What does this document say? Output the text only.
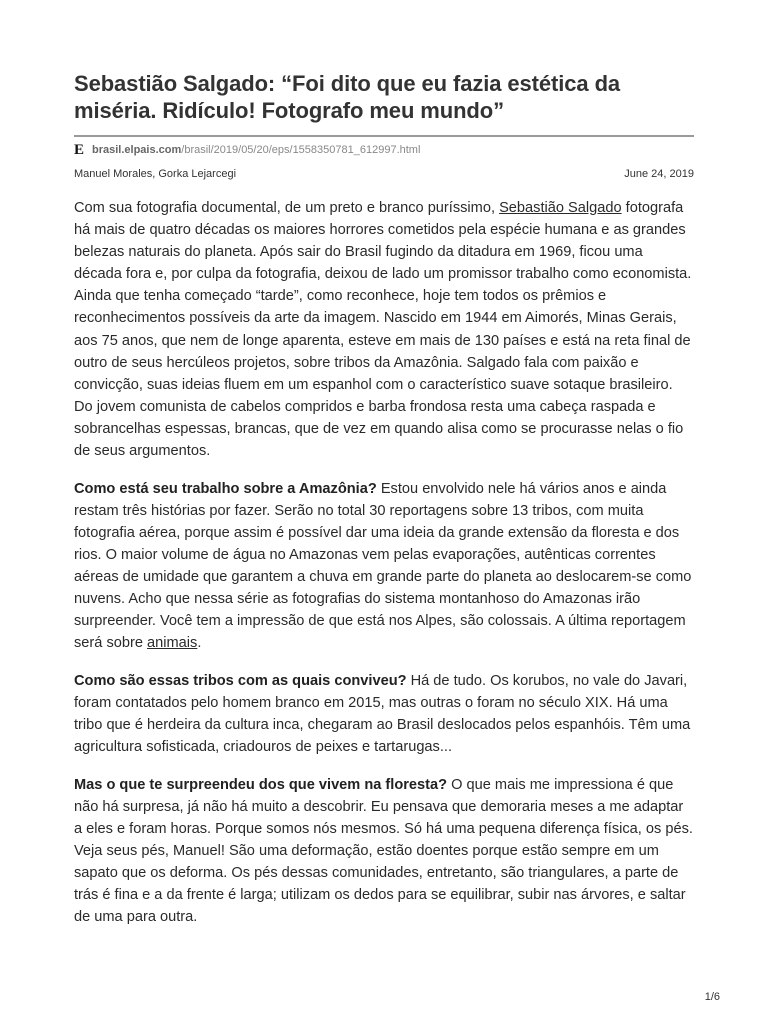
Sebastião Salgado: “Foi dito que eu fazia estética da miséria. Ridículo! Fotografo meu mundo”
E brasil.elpais.com/brasil/2019/05/20/eps/1558350781_612997.html
Manuel Morales, Gorka Lejarcegi	June 24, 2019

Com sua fotografia documental, de um preto e branco puríssimo, Sebastião Salgado fotografa há mais de quatro décadas os maiores horrores cometidos pela espécie humana e as grandes belezas naturais do planeta. Após sair do Brasil fugindo da ditadura em 1969, ficou uma década fora e, por culpa da fotografia, deixou de lado um promissor trabalho como economista. Ainda que tenha começado “tarde”, como reconhece, hoje tem todos os prêmios e reconhecimentos possíveis da arte da imagem. Nascido em 1944 em Aimorés, Minas Gerais, aos 75 anos, que nem de longe aparenta, esteve em mais de 130 países e está na reta final de outro de seus hercúleos projetos, sobre tribos da Amazônia. Salgado fala com paixão e convicção, suas ideias fluem em um espanhol com o característico suave sotaque brasileiro. Do jovem comunista de cabelos compridos e barba frondosa resta uma cabeça raspada e sobrancelhas espessas, brancas, que de vez em quando alisa como se procurasse nelas o fio de seus argumentos.

Como está seu trabalho sobre a Amazônia? Estou envolvido nele há vários anos e ainda restam três histórias por fazer. Serão no total 30 reportagens sobre 13 tribos, com muita fotografia aérea, porque assim é possível dar uma ideia da grande extensão da floresta e dos rios. O maior volume de água no Amazonas vem pelas evaporações, autênticas correntes aéreas de umidade que garantem a chuva em grande parte do planeta ao deslocarem-se como nuvens. Acho que nessa série as fotografias do sistema montanhoso do Amazonas irão surpreender. Você tem a impressão de que está nos Alpes, são colossais. A última reportagem será sobre animais.

Como são essas tribos com as quais conviveu? Há de tudo. Os korubos, no vale do Javari, foram contatados pelo homem branco em 2015, mas outras o foram no século XIX. Há uma tribo que é herdeira da cultura inca, chegaram ao Brasil deslocados pelos espanhóis. Têm uma agricultura sofisticada, criadouros de peixes e tartarugas...

Mas o que te surpreendeu dos que vivem na floresta? O que mais me impressiona é que não há surpresa, já não há muito a descobrir. Eu pensava que demoraria meses a me adaptar a eles e foram horas. Porque somos nós mesmos. Só há uma pequena diferença física, os pés. Veja seus pés, Manuel! São uma deformação, estão doentes porque estão sempre em um sapato que os deforma. Os pés dessas comunidades, entretanto, são triangulares, a parte de trás é fina e a da frente é larga; utilizam os dedos para se equilibrar, subir nas árvores, e saltar de uma para outra.

1/6
